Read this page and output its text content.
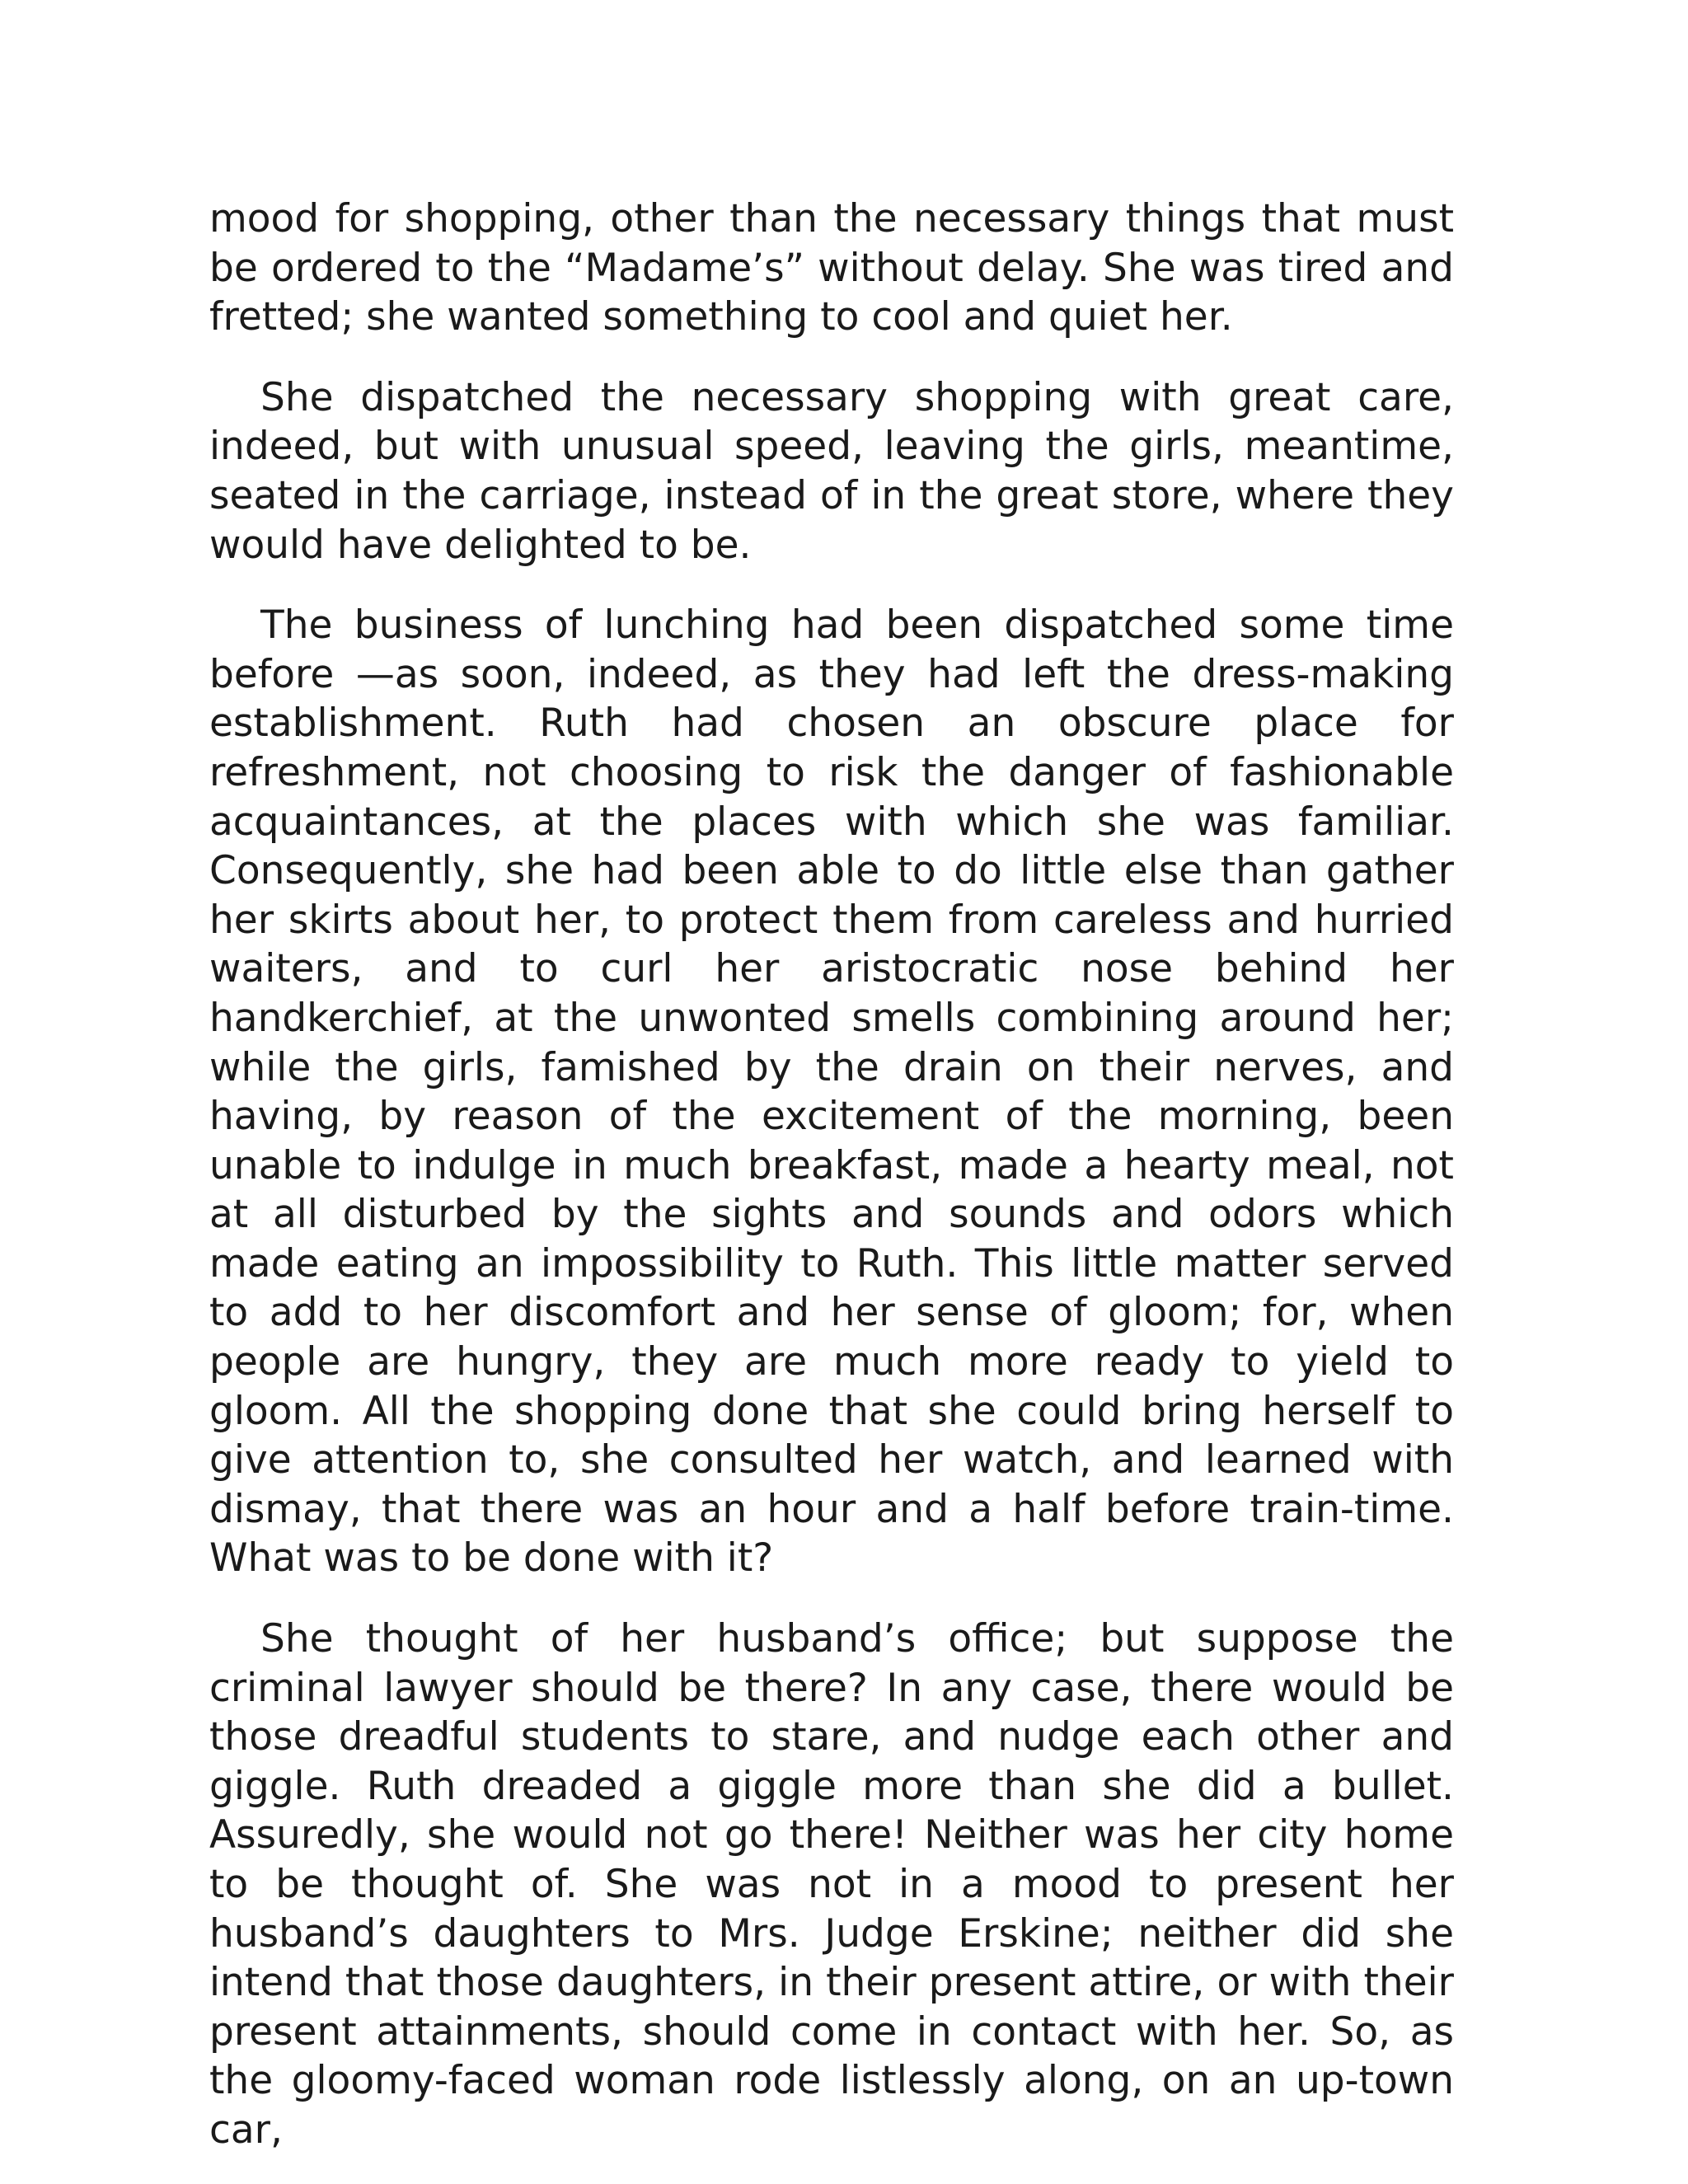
mood for shopping, other than the necessary things that must be ordered to the “Madame’s” without delay. She was tired and fretted; she wanted something to cool and quiet her.

She dispatched the necessary shopping with great care, indeed, but with unusual speed, leaving the girls, meantime, seated in the carriage, instead of in the great store, where they would have delighted to be.

The business of lunching had been dispatched some time before —as soon, indeed, as they had left the dress-making establishment. Ruth had chosen an obscure place for refreshment, not choosing to risk the danger of fashionable acquaintances, at the places with which she was familiar. Consequently, she had been able to do little else than gather her skirts about her, to protect them from careless and hurried waiters, and to curl her aristocratic nose behind her handkerchief, at the unwonted smells combining around her; while the girls, famished by the drain on their nerves, and having, by reason of the excitement of the morning, been unable to indulge in much breakfast, made a hearty meal, not at all disturbed by the sights and sounds and odors which made eating an impossibility to Ruth. This little matter served to add to her discomfort and her sense of gloom; for, when people are hungry, they are much more ready to yield to gloom. All the shopping done that she could bring herself to give attention to, she consulted her watch, and learned with dismay, that there was an hour and a half before train-time. What was to be done with it?

She thought of her husband’s office; but suppose the criminal lawyer should be there? In any case, there would be those dreadful students to stare, and nudge each other and giggle. Ruth dreaded a giggle more than she did a bullet. Assuredly, she would not go there! Neither was her city home to be thought of. She was not in a mood to present her husband’s daughters to Mrs. Judge Erskine; neither did she intend that those daughters, in their present attire, or with their present attainments, should come in contact with her. So, as the gloomy-faced woman rode listlessly along, on an up-town car,
